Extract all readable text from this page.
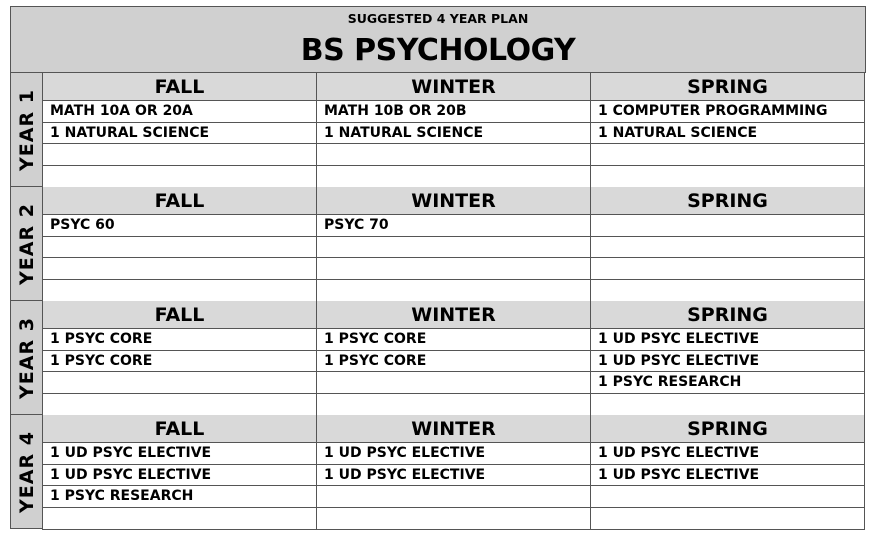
SUGGESTED 4 YEAR PLAN
BS PSYCHOLOGY
YEAR 1
FALL
MATH 10A OR 20A
1 NATURAL SCIENCE
WINTER
MATH 10B OR 20B
1 NATURAL SCIENCE
SPRING
1 COMPUTER PROGRAMMING
1 NATURAL SCIENCE
YEAR 2
FALL
PSYC 60
WINTER
PSYC 70
SPRING
YEAR 3
FALL
1 PSYC CORE
1 PSYC CORE
WINTER
1 PSYC CORE
1 PSYC CORE
SPRING
1 UD PSYC ELECTIVE
1 UD PSYC ELECTIVE
1 PSYC RESEARCH
YEAR 4
FALL
1 UD PSYC ELECTIVE
1 UD PSYC ELECTIVE
1 PSYC RESEARCH
WINTER
1 UD PSYC ELECTIVE
1 UD PSYC ELECTIVE
SPRING
1 UD PSYC ELECTIVE
1 UD PSYC ELECTIVE
